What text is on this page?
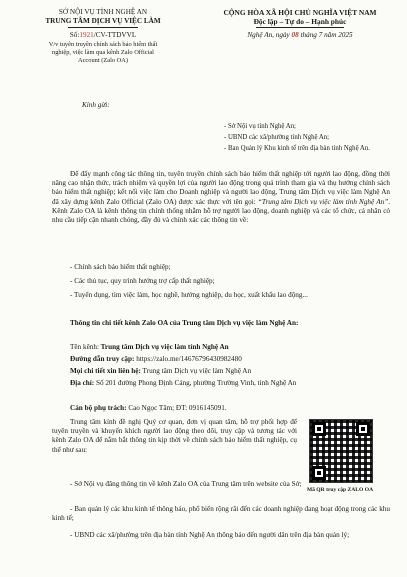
SỞ NỘI VỤ TỈNH NGHỆ AN
TRUNG TÂM DỊCH VỤ VIỆC LÀM
Số:1921/CV-TTDVVL
V/v tuyên truyền chính sách bảo hiểm thất
nghiệp, việc làm qua kênh Zalo Official
Account (Zalo OA)
CỘNG HÒA XÃ HỘI CHỦ NGHĨA VIỆT NAM
Độc lập – Tự do – Hạnh phúc
Nghệ An, ngày 08 tháng 7 năm 2025
Kính gửi:
- Sở Nội vụ tỉnh Nghệ An;
- UBND các xã/phường tỉnh Nghệ An;
- Ban Quản lý Khu kinh tế trên địa bàn tỉnh Nghệ An.
Để đẩy mạnh công tác thông tin, tuyên truyền chính sách bảo hiểm thất nghiệp tới người lao động, đồng thời nâng cao nhận thức, trách nhiệm và quyền lợi của người lao động trong quá trình tham gia và thụ hưởng chính sách bảo hiểm thất nghiệp; kết nối việc làm cho Doanh nghiệp và người lao động, Trung tâm Dịch vụ việc làm Nghệ An đã xây dựng kênh Zalo Official (Zalo OA) được xác thực với tên gọi: “Trung tâm Dịch vụ việc làm tỉnh Nghệ An”. Kênh Zalo OA là kênh thông tin chính thống nhằm hỗ trợ người lao động, doanh nghiệp và các tổ chức, cá nhân có nhu cầu tiếp cận nhanh chóng, đầy đủ và chính xác các thông tin về:
- Chính sách bảo hiểm thất nghiệp;
- Các thủ tục, quy trình hưởng trợ cấp thất nghiệp;
- Tuyển dụng, tìm việc làm, học nghề, hướng nghiệp, du học, xuất khẩu lao động...
Thông tin chi tiết kênh Zalo OA của Trung tâm Dịch vụ việc làm Nghệ An:
Tên kênh: Trung tâm Dịch vụ việc làm tỉnh Nghệ An
Đường dẫn truy cập: https://zalo.me/1467679643098248​0
Mọi chi tiết xin liên hệ: Trung tâm Dịch vụ việc làm Nghệ An
Địa chỉ: Số 201 đường Phong Định Cảng, phường Trường Vinh, tỉnh Nghệ An
Cán bộ phụ trách: Cao Ngọc Tâm; ĐT: 0916145091.
Mã QR truy cập ZALO OA
Trung tâm kính đề nghị Quý cơ quan, đơn vị quan tâm, hỗ trợ phối hợp để tuyên truyền và khuyến khích người lao động theo dõi, truy cập và tương tác với kênh Zalo OA để nắm bắt thông tin kịp thời về chính sách bảo hiểm thất nghiệp, cụ thể như sau:
- Sở Nội vụ đăng thông tin về kênh Zalo OA của Trung tâm trên website của Sở;
- Ban quản lý các khu kinh tế thông báo, phổ biến rộng rãi đến các doanh nghiệp đang hoạt động trong các khu kinh tế;
- UBND các xã/phường trên địa bàn tỉnh Nghệ An thông báo đến người dân trên địa bàn quản lý;
